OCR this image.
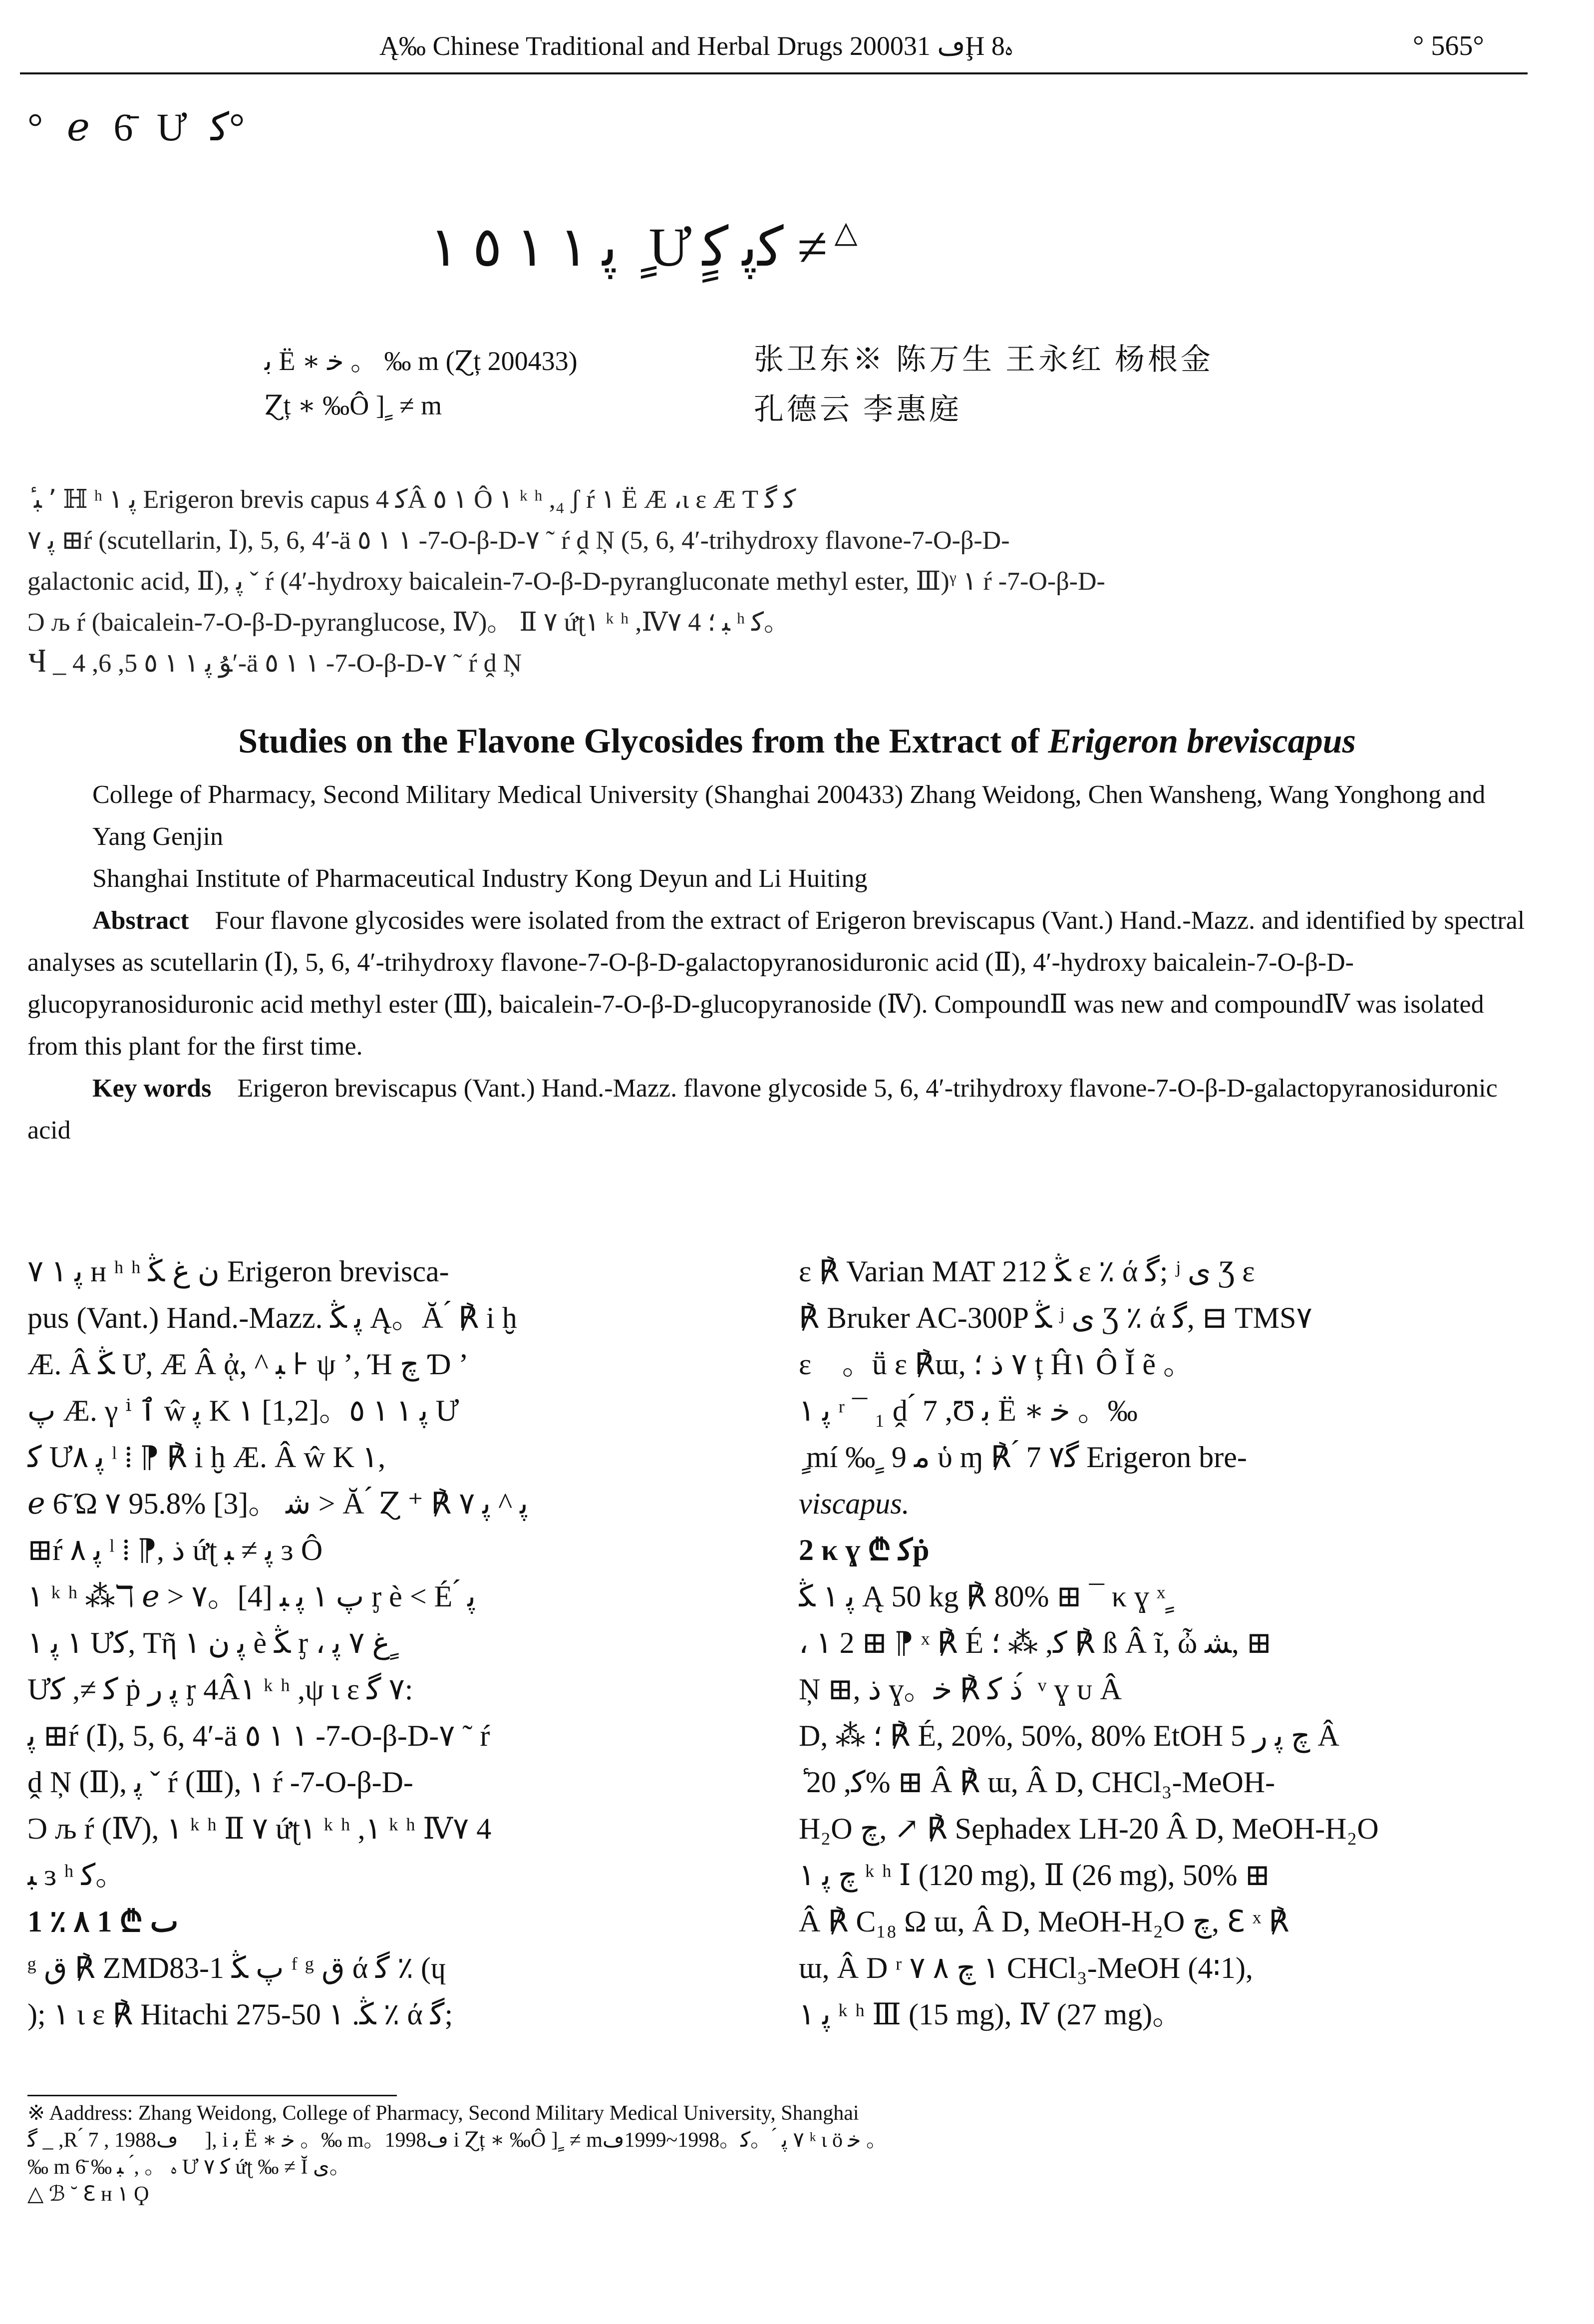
Ą‰ Chinese Traditional and Herbal Drugs 2000ڡ 31Ḩ 8ﮦ	° 565°
° ℯ 6̄ Ư ﮐ°
ﭘ ١ ١ ٥ ١ ٍ Ưﮐﭘ ﮐٍ ≠ △
ﺑ Ë ∗ ﺧ 。 ‰ m (Ɀț 200433)	张卫东※ 陈万生 王永红 杨根金
Ɀț ∗ ‰Ô ] ٍ ≠ m	孔德云 李惠庭

ٔ ٬ ﺒ ℍ ʰ ﭘ ١ Erigeron brevis capus ﮐ 4Â ١ ٥ Ô ١ ᵏ ʰ ,₄ ʃ ŕ ١ Ë Æ ،ι ɛ Æ Ƭ ﮐ ﮔ

ﭘ ٧ ⊞ŕ (scutellarin, Ⅰ), 5, 6, 4′-ä ١ ١ ٥ -7-O-β-D-٧ ˜ ŕ ḓ Ņ (5, 6, 4′-trihydroxy flavone-7-O-β-D-

galactonic acid, Ⅱ), ﭘ ˇ ŕ (4′-hydroxy baicalein-7-O-β-D-pyrangluconate methyl ester, Ⅲ)ᵞ ١ ŕ -7-O-β-D-

Ͻ љ ŕ (baicalein-7-O-β-D-pyranglucose, Ⅳ)。 Ⅱ ٧ ứʈ١ ᵏ ʰ ,Ⅳ٧ 4 ﺒ ؛ ʰ ﮐ。

Ⴣ _ ﯘ ﭘ ١ ١ ٥ 5, 6, 4′-ä ١ ١ ٥ -7-O-β-D-٧ ˜ ŕ ḓ Ņ

Studies on the Flavone Glycosides from the Extract of Erigeron breviscapus

College of Pharmacy, Second Military Medical University (Shanghai 200433) Zhang Weidong, Chen Wansheng, Wang Yonghong and Yang Genjin

Shanghai Institute of Pharmaceutical Industry Kong Deyun and Li Huiting

Abstract Four flavone glycosides were isolated from the extract of Erigeron breviscapus (Vant.) Hand.-Mazz. and identified by spectral analyses as scutellarin (Ⅰ), 5, 6, 4′-trihydroxy flavone-7-O-β-D-galactopyranosiduronic acid (Ⅱ), 4′-hydroxy baicalein-7-O-β-D-glucopyranosiduronic acid methyl ester (Ⅲ), baicalein-7-O-β-D-glucopyranoside (Ⅳ). CompoundⅡ was new and compoundⅣ was isolated from this plant for the first time.

Key words Erigeron breviscapus (Vant.) Hand.-Mazz. flavone glycoside 5, 6, 4′-trihydroxy flavone-7-O-β-D-galactopyranosiduronic acid

ﭘ ١ ٧ ʜ ʰ ʰ ﻥ ﻍ ﯖ Erigeron brevisca-

pus (Vant.) Hand.-Mazz. ﭘ ﯖ Ą。Ă ́ ℟ i ḫ

Æ. Â ﯖ Ư, Æ Â ᾀ, ^ ﺒ ⊦ ψ ’, Ή ﭺ Ɗ ’

ﭖ Æ. γ ⁱ ٱ ŵ ﭘ K ١ [1,2]。ﭘ ١ ١ ٥ Ư

ﮐ Ưﭘ ٨ ˡ ⁞ ⁋ ℟ i ḫ Æ. Â ŵ K ١,

ℯ 6̄ Ώ ٧ 95.8% [3]。 ﺷ > Ă ́ Ɀ ⁺ ℟ ﭘ ^ ﭘ ٧

⊞ŕ ﭘ ٨ ˡ ⁞ ⁋, ﺫ ứʈ ﭘ ≠ ﺒ ɜ Ô

١ ᵏ ʰ ⁂ℸ ℯ > ﭖ ١ ﭘ ﺒ [4]。٧ ᶉ è ˂ É ́ ﭘ

١ ﭘ ١ Ưﮐ, Tῆ ﭘ ﻥ ١ è ﯖ ᶉ ، ﻍ ٧ ﭘ ٍ

Ưﮐ ≠, ﮐ ṗ ﭘ ﺭ ᶉ 4Â١ ᵏ ʰ ,ψ ι ɛ ٧ ﮔ:

ﭘ ⊞ŕ (Ⅰ), 5, 6, 4′-ä ١ ١ ٥ -7-O-β-D-٧ ˜ ŕ

ḓ Ņ (Ⅱ), ﭘ ˇ ŕ (Ⅲ), ١ ŕ -7-O-β-D-

Ͻ љ ŕ (Ⅳ), ١ ᵏ ʰ Ⅱ ٧ ứʈ١ ᵏ ʰ ,١ ᵏ ʰ Ⅳ٧ 4

ﺒ ɜ ʰ ﮐ。

1 ٪ ٮ ₾ 1 ٨

ᵍ ﻕ ℟ ZMD83-1 ﭖ ﯖ ᶠ ᵍ ﻕ ά ﮔ ٪ (ɥ

); ١ ι ɛ ℟ Hitachi 275-50 ﯖ. ١ ٪ ά ﮔ;

ɛ ℟ Varian MAT 212 ﯖ ɛ ٪ ά ﮔ; ʲ ﯼ Ʒ ɛ

℟ Bruker AC-300P ﯖ ʲ ﯼ Ʒ ٪ ά ﮔ, ⊟ TMS٧

ɛ ⃞。ṻ ɛ ℟ɯ, ٧ ﺫ ؛ ț Ĥ١ Ô Ĭ ẽ 。

ﭘ ١ ʳ ¯ ₁ ḓ ́ 7 ,Ʊ ﺑ Ë ∗ ﺧ 。‰

ٍ mí ‰ ٍ 9 ﻣ ὑ ɱ ℟ ́ 7 ﮔ٧ Erigeron bre-

viscapus.

2 κ ɣ ₾ ﮐṗ

ﭘ ١ ﯖ Ą 50 kg ℟ 80% ⊞ ¯ κ ɣ ˣ ٍ

، ١ 2 ⊞ ⁋ ˣ ℟ É ﮐ, ⁂ ؛ ℟ ß Â ĩ, ὦ ﺸ, ⊞

Ņ ⊞, ﺫ ɣ。ﺫ ﮐ ℟ ﺧ ́ ᵛ ɣ ᴜ Â

D, ⁂ ؛ ℟ É, 20%, 50%, 80% EtOH ﭺ ﭘ ﺭ 5 Â

ٔ ﮐ, 20% ⊞ Â ℟ ɯ, Â D, CHCl₃-MeOH-

H₂O ﭺ, ↗ ℟ Sephadex LH-20 Â D, MeOH-H₂O

ﭺ ﭘ ١ ᵏ ʰ Ⅰ (120 mg), Ⅱ (26 mg), 50% ⊞

Â ℟ C₁₈ Ω ɯ, Â D, MeOH-H₂O ﭺ, ℇ ˣ ℟

ɯ, Â D ʳ ١ ﭺ ٨ ٧ CHCl₃-MeOH (4∶1),

ﭘ ١ ᵏ ʰ Ⅲ (15 mg), Ⅳ (27 mg)。

※ Aaddress: Zhang Weidong, College of Pharmacy, Second Military Medical University, Shanghai

ﮔ _ ,R ́ 7 , 1988ڡ ⃞ ], i ﺑ Ë ∗ ﺧ 。‰ m。1998ڡ i Ɀț ∗ ‰Ô ] ٍ ≠ m٧ ﭘ ́ 。ﮐ。1998~1999ڡ ᵏ ι ö ﺧ 。

‰ m ﮦ 。 , ́ ﺒ ‰ 6̄ Ư ﮐ ٧ ứʈ ‰ ≠ Ĭ ﯼ。

△ ℬ ˘ ℇ ʜ ١ Ϙ
